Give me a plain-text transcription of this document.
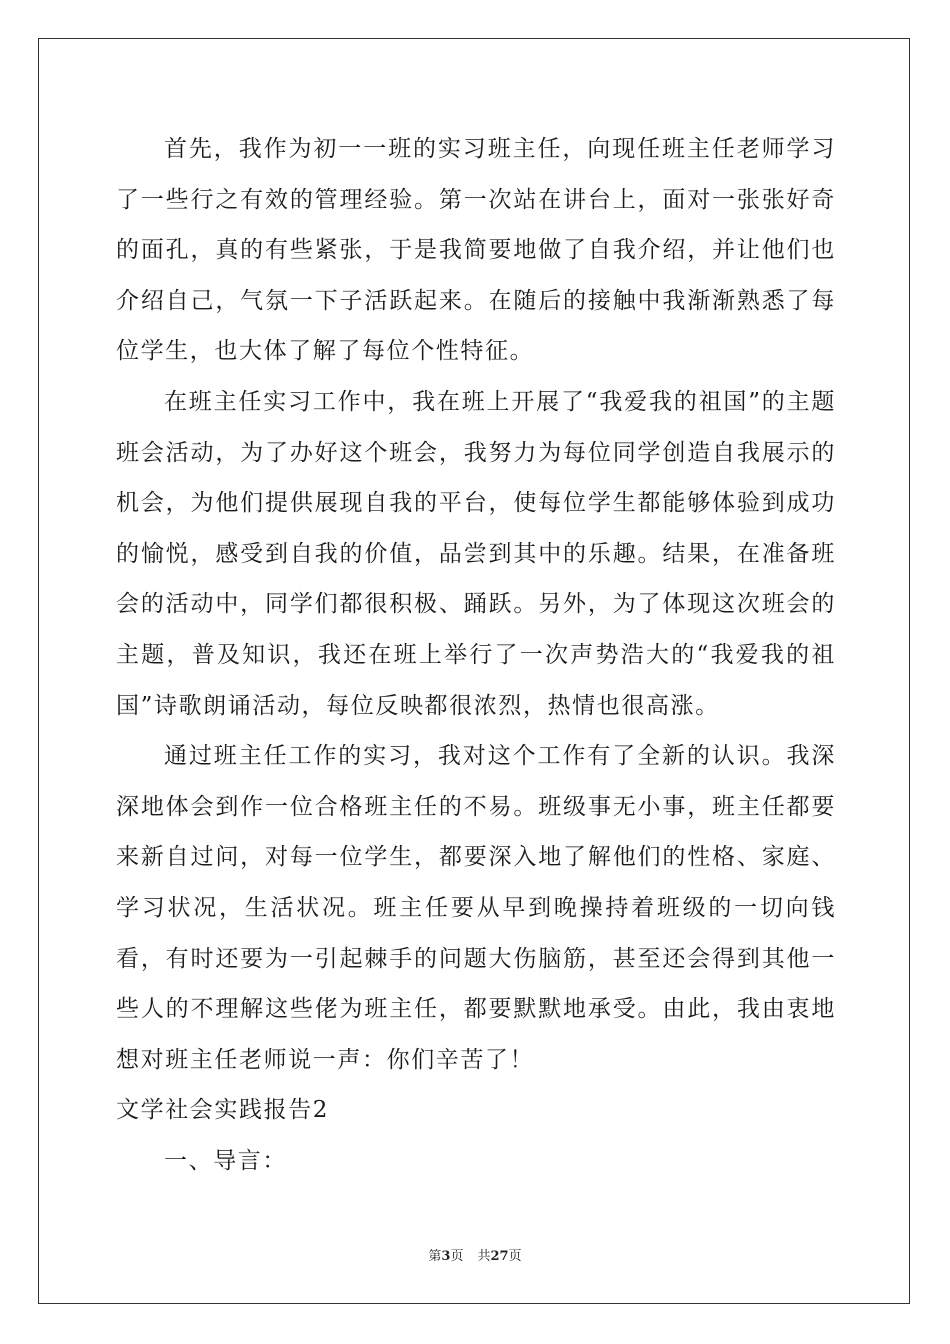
首先，我作为初一一班的实习班主任，向现任班主任老师学习了一些行之有效的管理经验。第一次站在讲台上，面对一张张好奇的面孔，真的有些紧张，于是我简要地做了自我介绍，并让他们也介绍自己，气氛一下子活跃起来。在随后的接触中我渐渐熟悉了每位学生，也大体了解了每位个性特征。

在班主任实习工作中，我在班上开展了“我爱我的祖国”的主题班会活动，为了办好这个班会，我努力为每位同学创造自我展示的机会，为他们提供展现自我的平台，使每位学生都能够体验到成功的愉悦，感受到自我的价值，品尝到其中的乐趣。结果，在准备班会的活动中，同学们都很积极、踊跃。另外，为了体现这次班会的主题，普及知识，我还在班上举行了一次声势浩大的“我爱我的祖国”诗歌朗诵活动，每位反映都很浓烈，热情也很高涨。

通过班主任工作的实习，我对这个工作有了全新的认识。我深深地体会到作一位合格班主任的不易。班级事无小事，班主任都要来新自过问，对每一位学生，都要深入地了解他们的性格、家庭、学习状况，生活状况。班主任要从早到晚操持着班级的一切向钱看，有时还要为一引起棘手的问题大伤脑筋，甚至还会得到其他一些人的不理解这些佬为班主任，都要默默地承受。由此，我由衷地想对班主任老师说一声：你们辛苦了！

文学社会实践报告2

一、导言：

第3页 共27页
